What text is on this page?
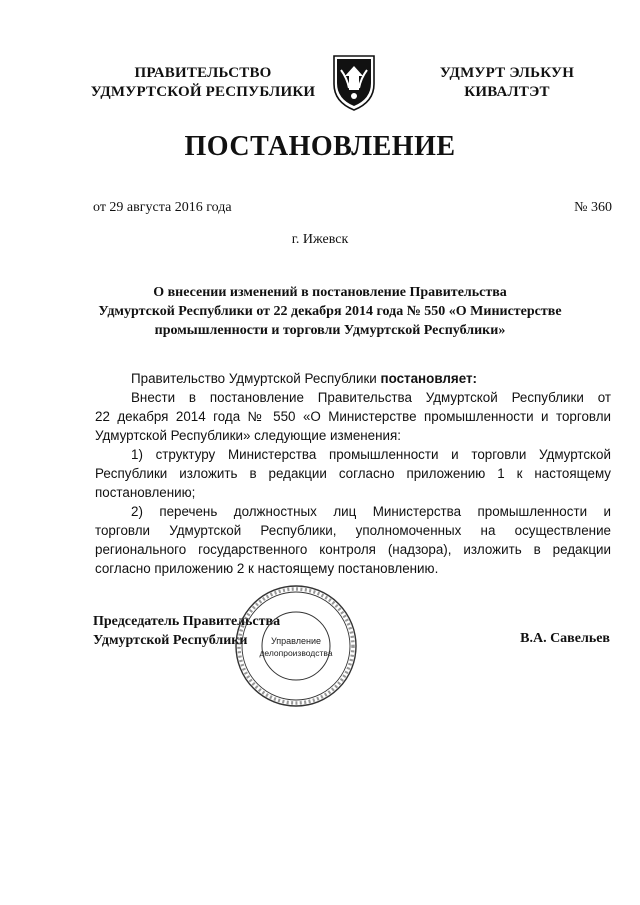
ПРАВИТЕЛЬСТВО
УДМУРТСКОЙ РЕСПУБЛИКИ
УДМУРТ ЭЛЬКУН
КИВАЛТЭТ
ПОСТАНОВЛЕНИЕ
от 29 августа 2016 года	№ 360
г. Ижевск
О внесении изменений в постановление Правительства
Удмуртской Республики от 22 декабря 2014 года № 550 «О Министерстве
промышленности и торговли Удмуртской Республики»
Правительство Удмуртской Республики постановляет:
Внести в постановление Правительства Удмуртской Республики от
22 декабря 2014 года № 550 «О Министерстве промышленности и торговли
Удмуртской Республики» следующие изменения:
1) структуру Министерства промышленности и торговли Удмуртской
Республики изложить в редакции согласно приложению 1 к настоящему
постановлению;
2) перечень должностных лиц Министерства промышленности и
торговли Удмуртской Республики, уполномоченных на осуществление
регионального государственного контроля (надзора), изложить в редакции
согласно приложению 2 к настоящему постановлению.
Председатель Правительства
Удмуртской Республики	В.А. Савельев
Управление
делопроизводства
